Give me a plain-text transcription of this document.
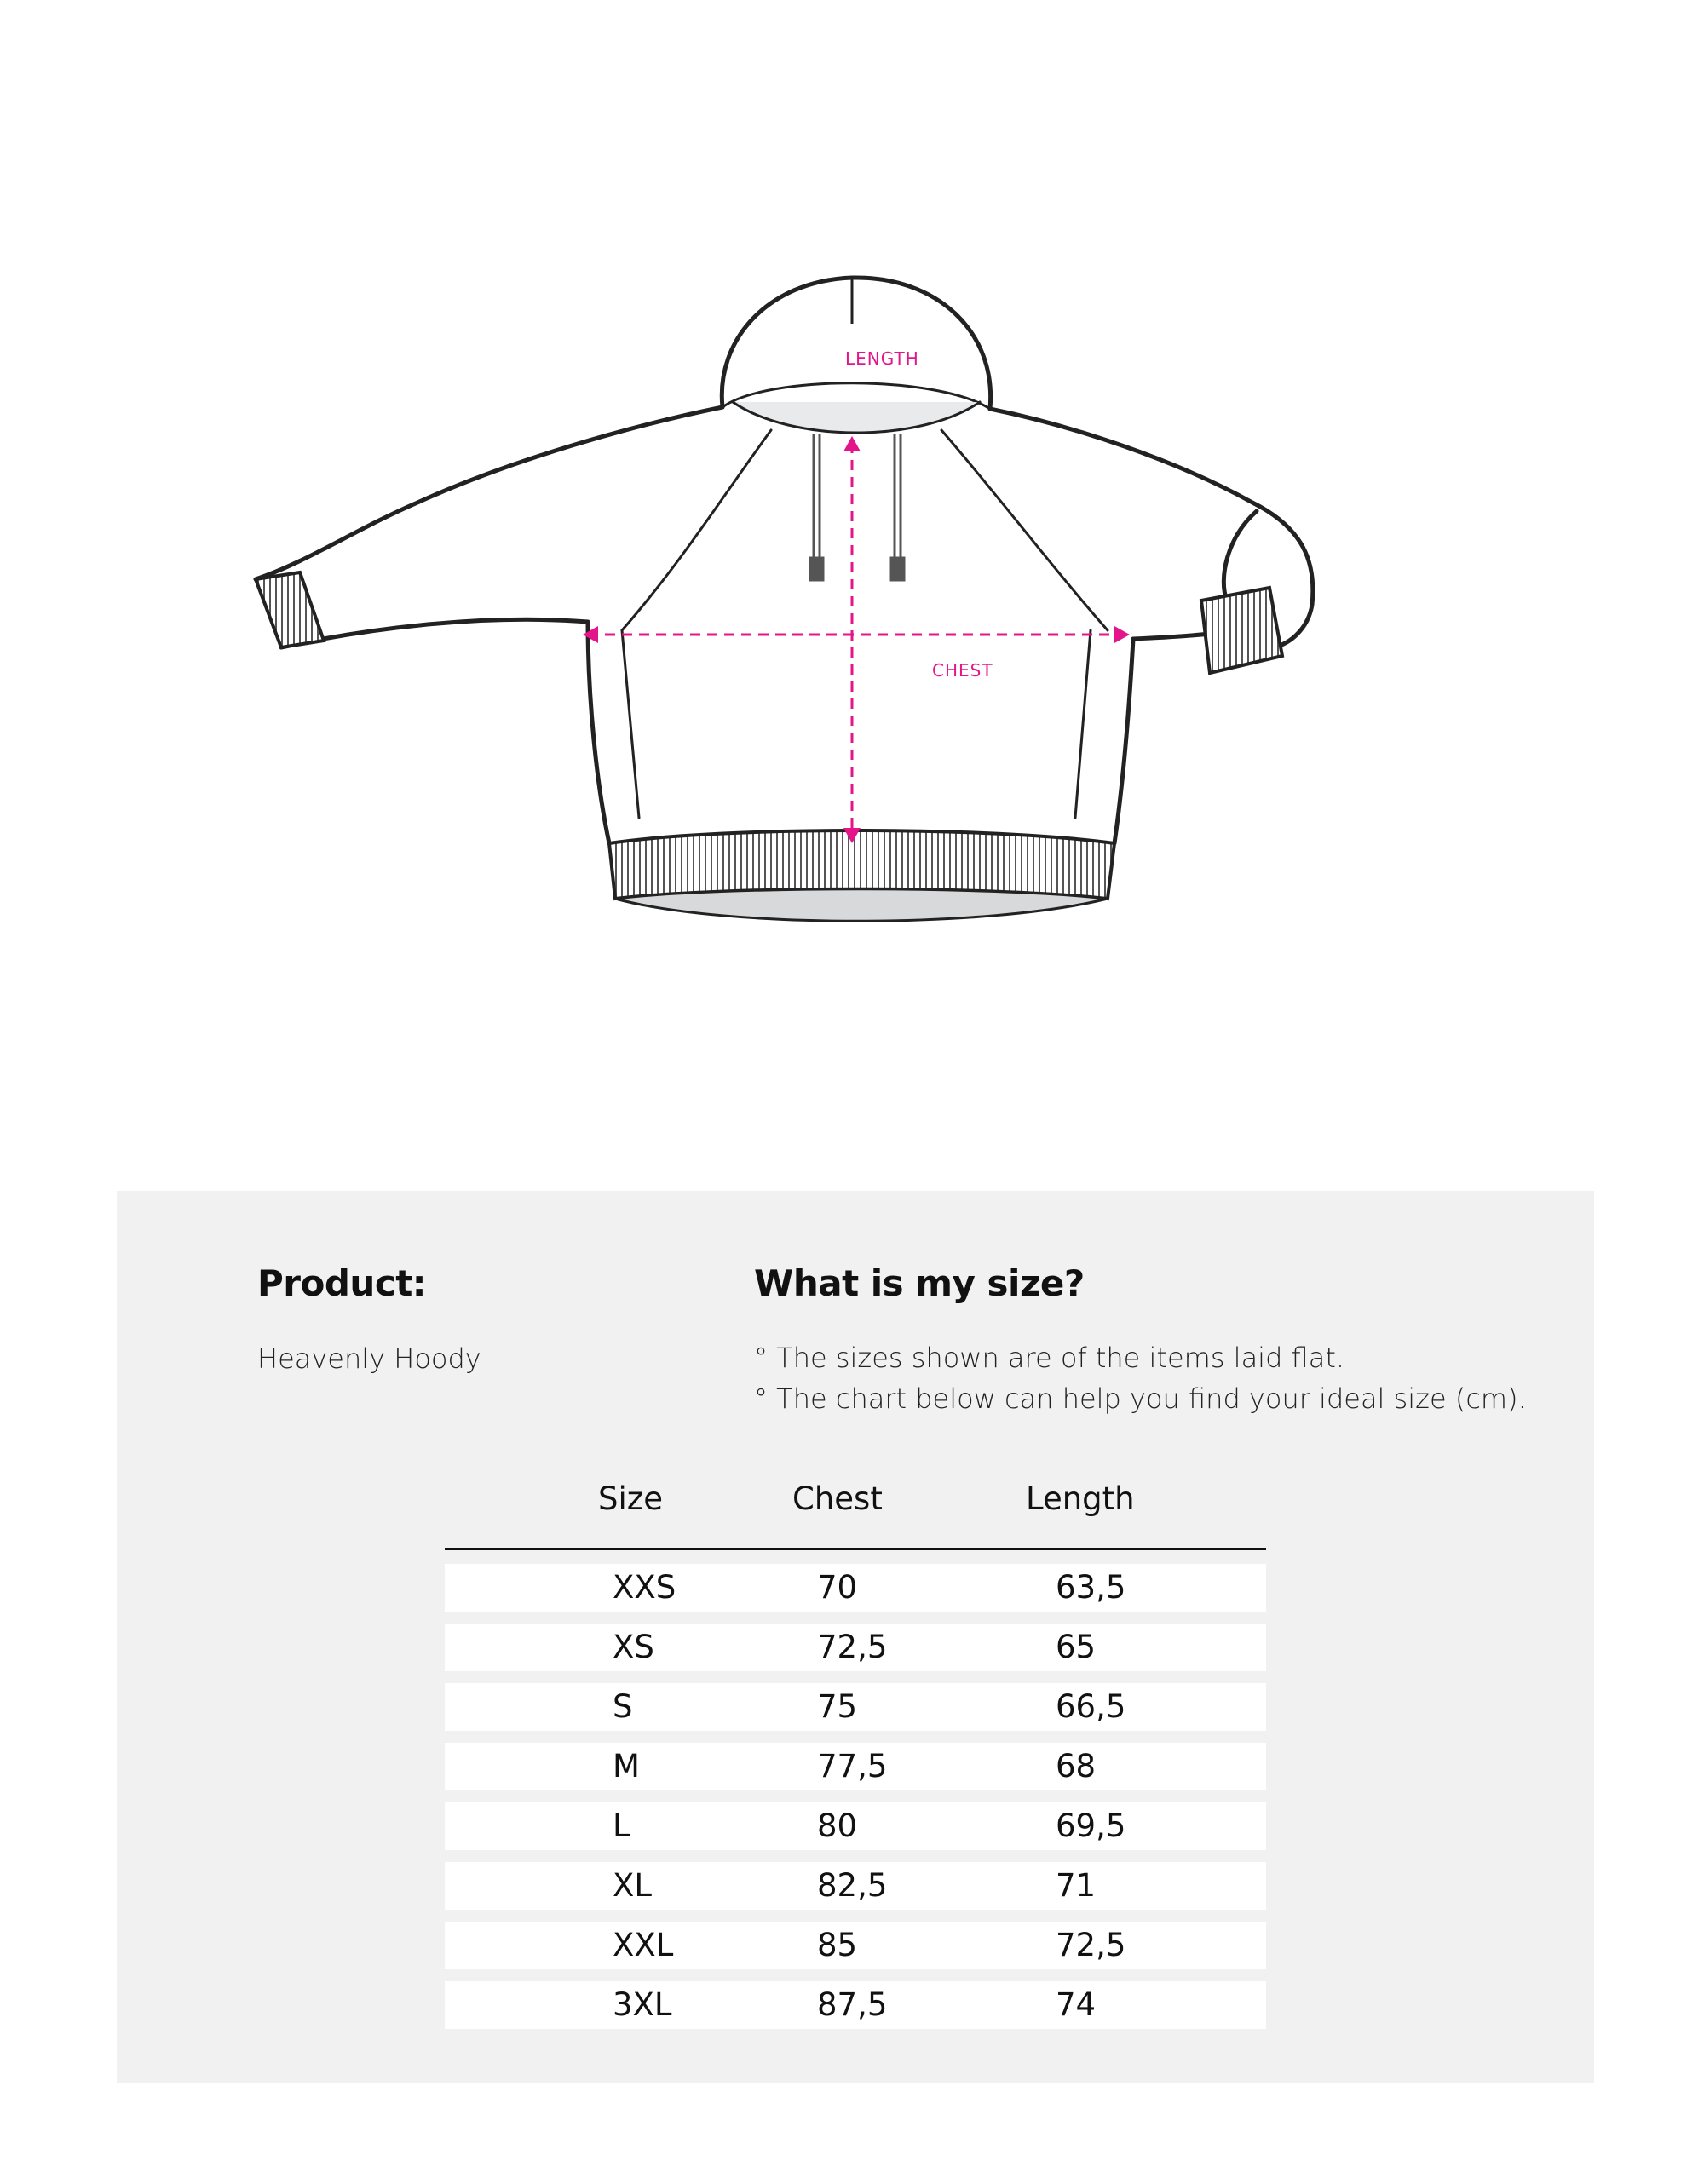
LENGTH
CHEST
Product:
Heavenly Hoody
What is my size?
° The sizes shown are of the items laid flat.
° The chart below can help you find your ideal size (cm).
Size	Chest	Length
XXS	70	63,5
XS	72,5	65
S	75	66,5
M	77,5	68
L	80	69,5
XL	82,5	71
XXL	85	72,5
3XL	87,5	74
